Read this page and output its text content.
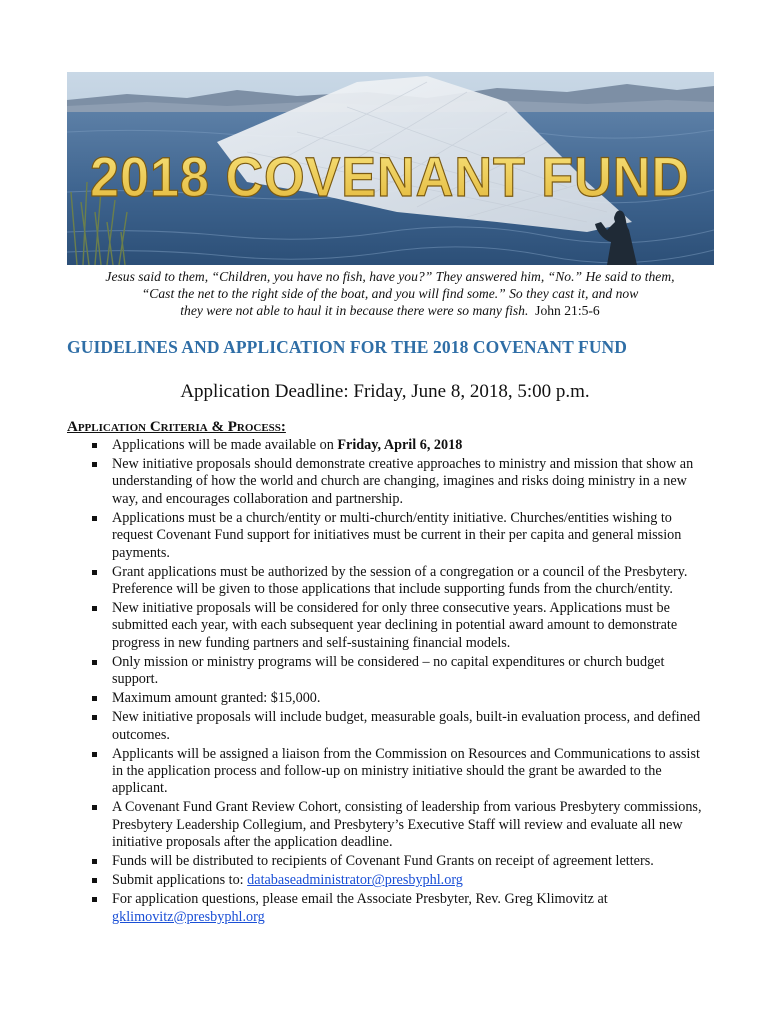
2018 COVENANT FUND
Jesus said to them, “Children, you have no fish, have you?” They answered him, “No.” He said to them,
“Cast the net to the right side of the boat, and you will find some.” So they cast it, and now
they were not able to haul it in because there were so many fish. John 21:5-6
GUIDELINES AND APPLICATION FOR THE 2018 COVENANT FUND
Application Deadline: Friday, June 8, 2018, 5:00 p.m.
Application Criteria & Process:
Applications will be made available on Friday, April 6, 2018
New initiative proposals should demonstrate creative approaches to ministry and mission that show an understanding of how the world and church are changing, imagines and risks doing ministry in a new way, and encourages collaboration and partnership.
Applications must be a church/entity or multi-church/entity initiative. Churches/entities wishing to request Covenant Fund support for initiatives must be current in their per capita and general mission payments.
Grant applications must be authorized by the session of a congregation or a council of the Presbytery. Preference will be given to those applications that include supporting funds from the church/entity.
New initiative proposals will be considered for only three consecutive years. Applications must be submitted each year, with each subsequent year declining in potential award amount to demonstrate progress in new funding partners and self-sustaining financial models.
Only mission or ministry programs will be considered – no capital expenditures or church budget support.
Maximum amount granted: $15,000.
New initiative proposals will include budget, measurable goals, built-in evaluation process, and defined outcomes.
Applicants will be assigned a liaison from the Commission on Resources and Communications to assist in the application process and follow-up on ministry initiative should the grant be awarded to the applicant.
A Covenant Fund Grant Review Cohort, consisting of leadership from various Presbytery commissions, Presbytery Leadership Collegium, and Presbytery’s Executive Staff will review and evaluate all new initiative proposals after the application deadline.
Funds will be distributed to recipients of Covenant Fund Grants on receipt of agreement letters.
Submit applications to: databaseadministrator@presbyphl.org
For application questions, please email the Associate Presbyter, Rev. Greg Klimovitz at gklimovitz@presbyphl.org
